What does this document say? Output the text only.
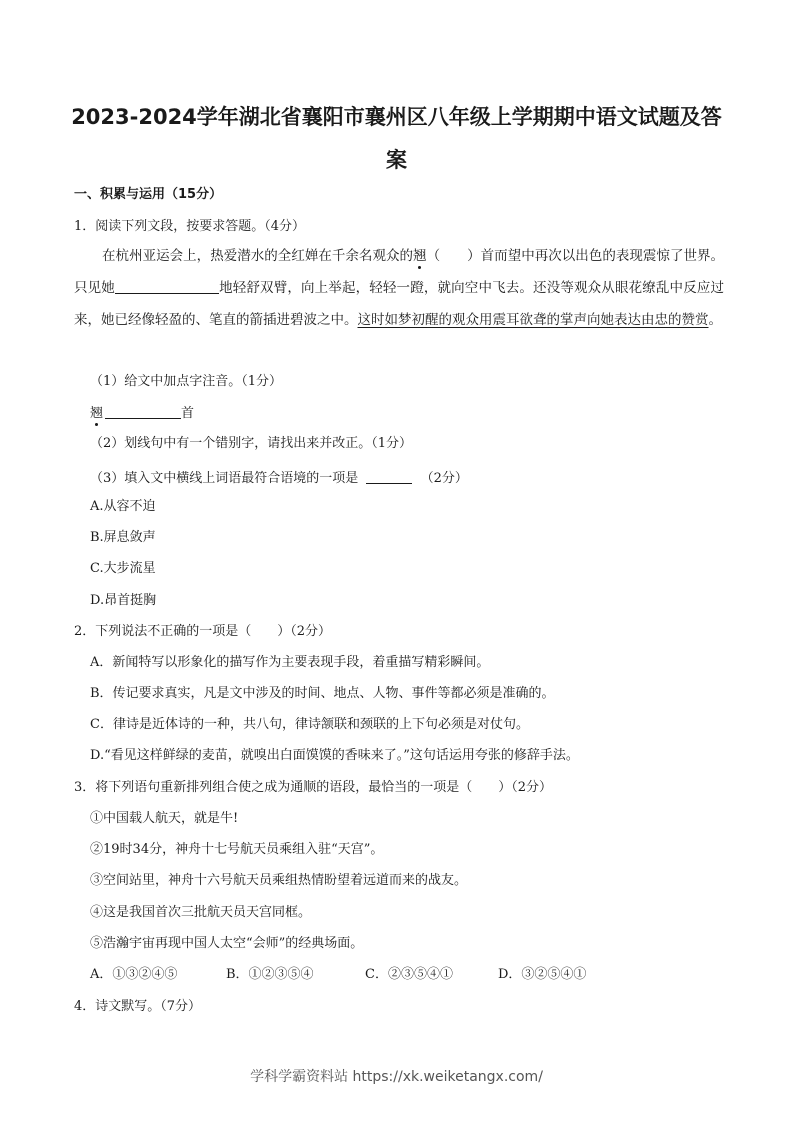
2023-2024学年湖北省襄阳市襄州区八年级上学期期中语文试题及答
案
一、积累与运用（15分）
1．阅读下列文段，按要求答题。（4分）
在杭州亚运会上，热爱潜水的全红婵在千余名观众的翘（　　）首而望中再次以出色的表现震惊了世界。只见她	地轻舒双臂，向上举起，轻轻一蹬，就向空中飞去。还没等观众从眼花缭乱中反应过来，她已经像轻盈的、笔直的箭插进碧波之中。这时如梦初醒的观众用震耳欲聋的掌声向她表达由忠的赞赏。
（1）给文中加点字注音。（1分）
翘	首
（2）划线句中有一个错别字，请找出来并改正。（1分）
（3）填入文中横线上词语最符合语境的一项是	（2分）
A.从容不迫
B.屏息敛声
C.大步流星
D.昂首挺胸
2．下列说法不正确的一项是（　　）（2分）
A．新闻特写以形象化的描写作为主要表现手段，着重描写精彩瞬间。
B．传记要求真实，凡是文中涉及的时间、地点、人物、事件等都必须是准确的。
C．律诗是近体诗的一种，共八句，律诗颔联和颈联的上下句必须是对仗句。
D.“看见这样鲜绿的麦苗，就嗅出白面馍馍的香味来了。”这句话运用夸张的修辞手法。
3．将下列语句重新排列组合使之成为通顺的语段，最恰当的一项是（　　）（2分）
①中国载人航天，就是牛!
②19时34分，神舟十七号航天员乘组入驻“天宫”。
③空间站里，神舟十六号航天员乘组热情盼望着远道而来的战友。
④这是我国首次三批航天员天宫同框。
⑤浩瀚宇宙再现中国人太空“会师”的经典场面。
A．①③②④⑤	B．①②③⑤④	C．②③⑤④①	D．③②⑤④①
4．诗文默写。（7分）
学科学霸资料站 https://xk.weiketangx.com/
